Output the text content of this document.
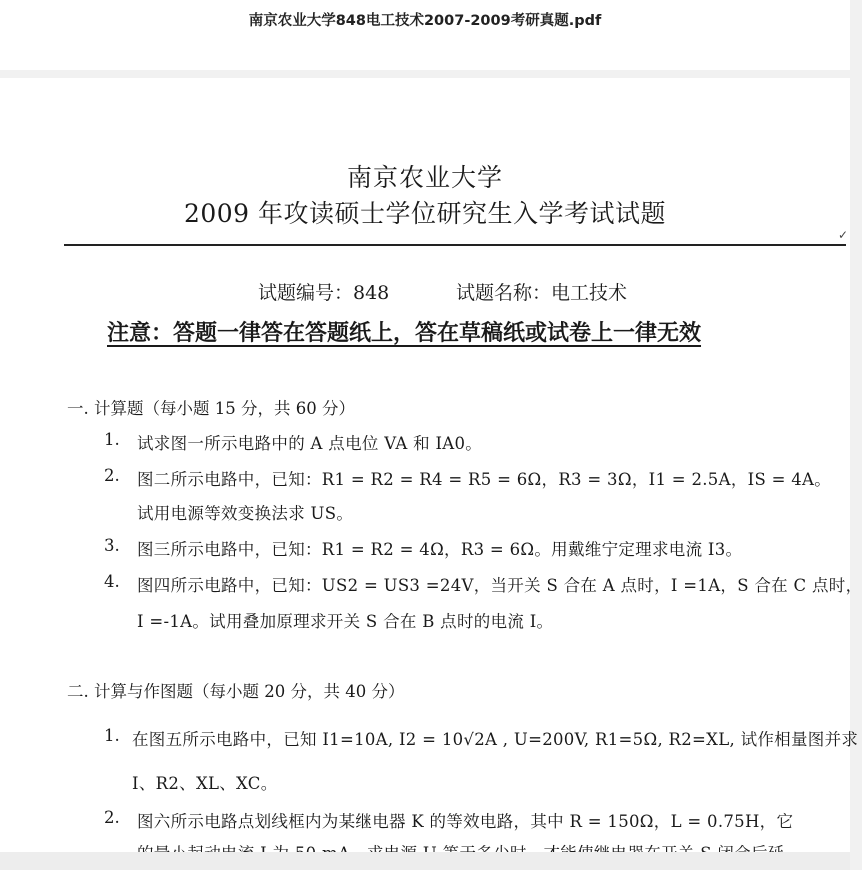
南京农业大学848电工技术2007-2009考研真题.pdf
南京农业大学
2009 年攻读硕士学位研究生入学考试试题
✓
试题编号：848	试题名称：电工技术
注意：答题一律答在答题纸上，答在草稿纸或试卷上一律无效
一. 计算题（每小题 15 分，共 60 分）
1. 试求图一所示电路中的 A 点电位 VA 和 IA0。
2. 图二所示电路中，已知：R1 = R2 = R4 = R5 = 6Ω，R3 = 3Ω，I1 = 2.5A，IS = 4A。
试用电源等效变换法求 US。
3. 图三所示电路中，已知：R1 = R2 = 4Ω，R3 = 6Ω。用戴维宁定理求电流 I3。
4. 图四所示电路中，已知：US2 = US3 =24V，当开关 S 合在 A 点时，I =1A，S 合在 C 点时，
I =-1A。试用叠加原理求开关 S 合在 B 点时的电流 I。
二. 计算与作图题（每小题 20 分，共 40 分）
1. 在图五所示电路中，已知 I1=10A, I2 = 10√2A , U=200V, R1=5Ω, R2=XL, 试作相量图并求
I、R2、XL、XC。
2. 图六所示电路点划线框内为某继电器 K 的等效电路，其中 R = 150Ω，L = 0.75H，它
